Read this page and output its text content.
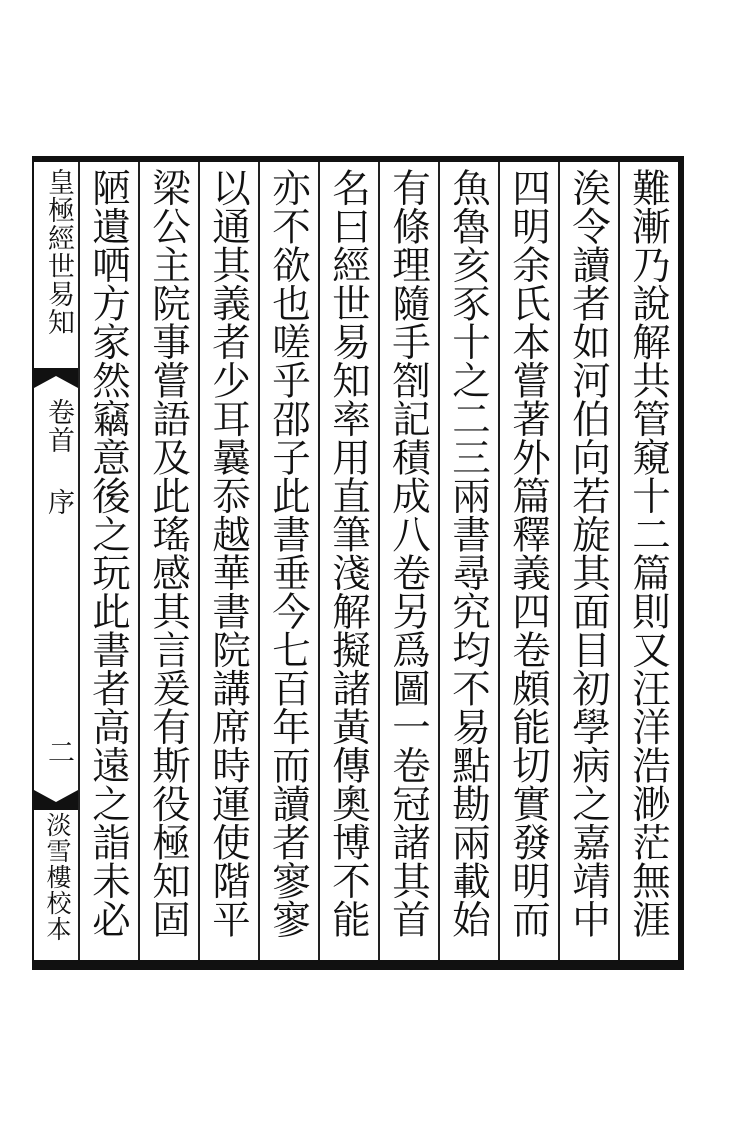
皇極經世易知
卷首
序
二
淡雪樓校本	難漸乃說解共管窺十二篇則又汪洋浩渺茫無涯
涘令讀者如河伯向若旋其面目初學病之嘉靖中
四明余氏本嘗著外篇釋義四卷頗能切實發明而
魚魯亥豕十之二三兩書尋究均不易點勘兩載始
有條理隨手劄記積成八卷另爲圖一卷冠諸其首
名曰經世易知率用直筆淺解擬諸黃傳奧博不能
亦不欲也嗟乎邵子此書垂今七百年而讀者寥寥
以通其義者少耳曩忝越華書院講席時運使階平
梁公主院事嘗語及此瑤感其言爰有斯役極知固
陋遺哂方家然竊意後之玩此書者高遠之詣未必
